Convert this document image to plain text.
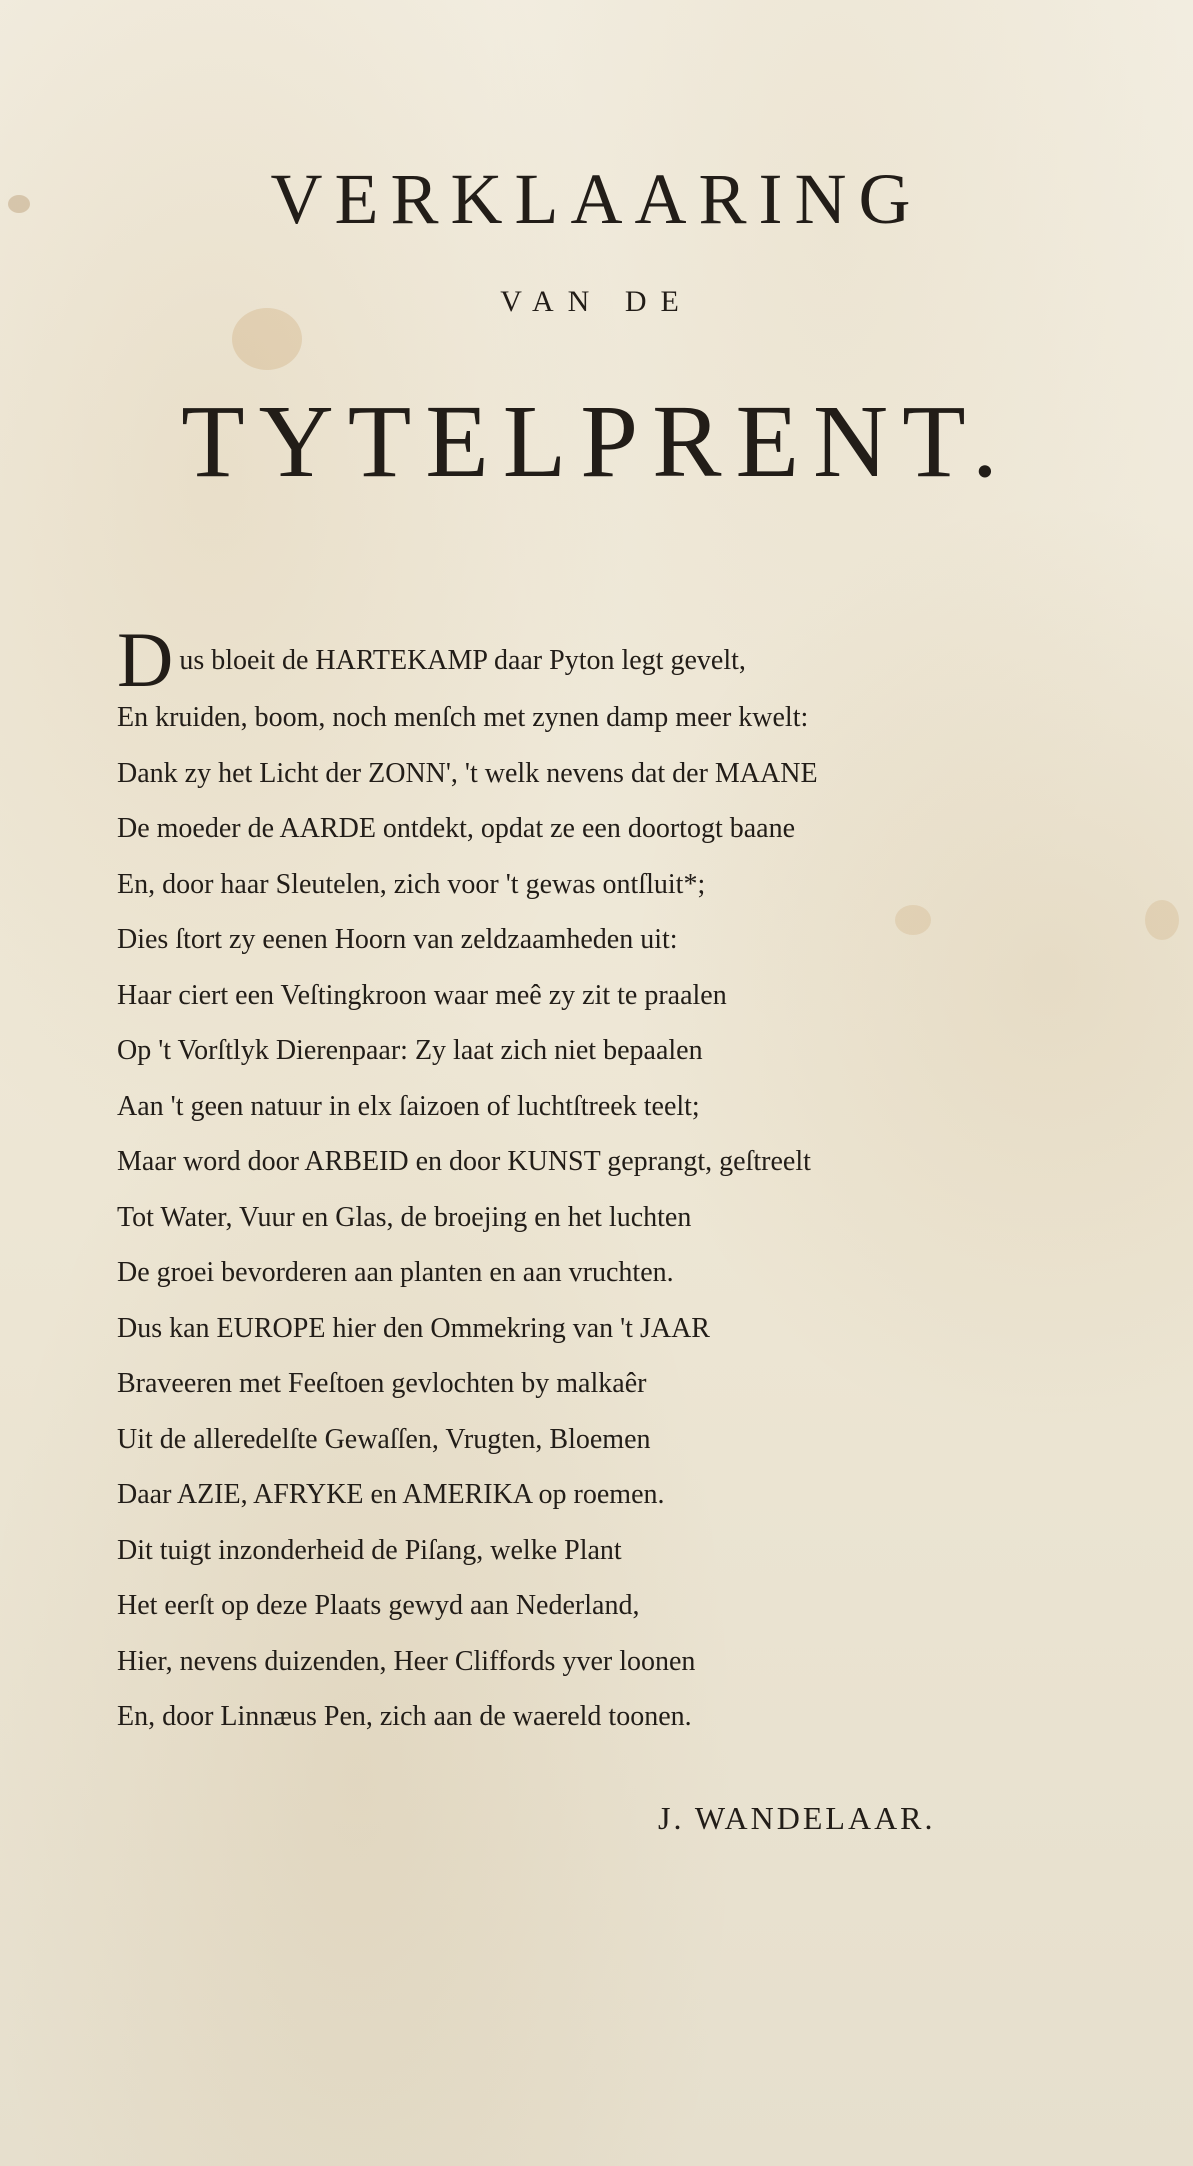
VERKLAARING
VAN DE
TYTELPRENT.
Dus bloeit de HARTEKAMP daar Pyton legt gevelt,
En kruiden, boom, noch menſch met zynen damp meer kwelt:
Dank zy het Licht der ZONN', 't welk nevens dat der MAANE
De moeder de AARDE ontdekt, opdat ze een doortogt baane
En, door haar Sleutelen, zich voor 't gewas ontſluit*;
Dies ſtort zy eenen Hoorn van zeldzaamheden uit:
Haar ciert een Veſtingkroon waar meê zy zit te praalen
Op 't Vorſtlyk Dierenpaar: Zy laat zich niet bepaalen
Aan 't geen natuur in elx ſaizoen of luchtſtreek teelt;
Maar word door ARBEID en door KUNST geprangt, geſtreelt
Tot Water, Vuur en Glas, de broejing en het luchten
De groei bevorderen aan planten en aan vruchten.
Dus kan EUROPE hier den Ommekring van 't JAAR
Braveeren met Feeſtoen gevlochten by malkaêr
Uit de alleredelſte Gewaſſen, Vrugten, Bloemen
Daar AZIE, AFRYKE en AMERIKA op roemen.
Dit tuigt inzonderheid de Piſang, welke Plant
Het eerſt op deze Plaats gewyd aan Nederland,
Hier, nevens duizenden, Heer Cliffords yver loonen
En, door Linnæus Pen, zich aan de waereld toonen.
J. WANDELAAR.
